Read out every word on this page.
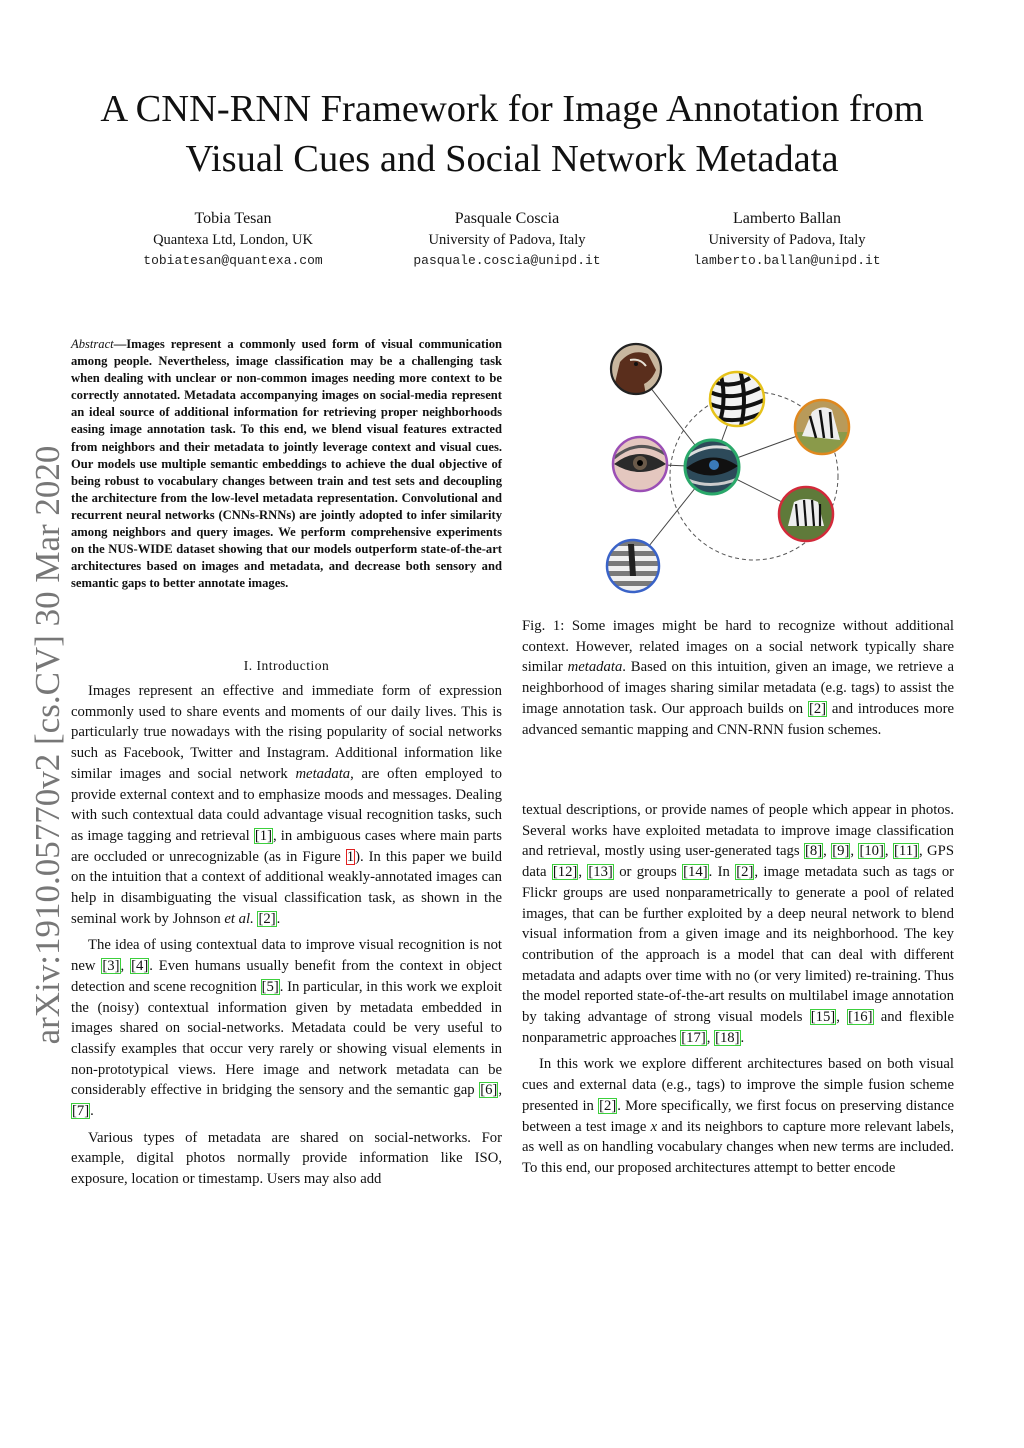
A CNN-RNN Framework for Image Annotation from Visual Cues and Social Network Metadata
Tobia Tesan
Quantexa Ltd, London, UK
tobiatesan@quantexa.com
Pasquale Coscia
University of Padova, Italy
pasquale.coscia@unipd.it
Lamberto Ballan
University of Padova, Italy
lamberto.ballan@unipd.it
arXiv:1910.05770v2 [cs.CV] 30 Mar 2020
Abstract—Images represent a commonly used form of visual communication among people. Nevertheless, image classification may be a challenging task when dealing with unclear or non-common images needing more context to be correctly annotated. Metadata accompanying images on social-media represent an ideal source of additional information for retrieving proper neighborhoods easing image annotation task. To this end, we blend visual features extracted from neighbors and their metadata to jointly leverage context and visual cues. Our models use multiple semantic embeddings to achieve the dual objective of being robust to vocabulary changes between train and test sets and decoupling the architecture from the low-level metadata representation. Convolutional and recurrent neural networks (CNNs-RNNs) are jointly adopted to infer similarity among neighbors and query images. We perform comprehensive experiments on the NUS-WIDE dataset showing that our models outperform state-of-the-art architectures based on images and metadata, and decrease both sensory and semantic gaps to better annotate images.
I. Introduction
Fig. 1: Some images might be hard to recognize without additional context. However, related images on a social network typically share similar metadata. Based on this intuition, given an image, we retrieve a neighborhood of images sharing similar metadata (e.g. tags) to assist the image annotation task. Our approach builds on [2] and introduces more advanced semantic mapping and CNN-RNN fusion schemes.

Images represent an effective and immediate form of expression commonly used to share events and moments of our daily lives. This is particularly true nowadays with the rising popularity of social networks such as Facebook, Twitter and Instagram. Additional information like similar images and social network metadata, are often employed to provide external context and to emphasize moods and messages. Dealing with such contextual data could advantage visual recognition tasks, such as image tagging and retrieval [1], in ambiguous cases where main parts are occluded or unrecognizable (as in Figure 1). In this paper we build on the intuition that a context of additional weakly-annotated images can help in disambiguating the visual classification task, as shown in the seminal work by Johnson et al. [2].

The idea of using contextual data to improve visual recognition is not new [3], [4]. Even humans usually benefit from the context in object detection and scene recognition [5]. In particular, in this work we exploit the (noisy) contextual information given by metadata embedded in images shared on social-networks. Metadata could be very useful to classify examples that occur very rarely or showing visual elements in non-prototypical views. Here image and network metadata can be considerably effective in bridging the sensory and the semantic gap [6], [7].

Various types of metadata are shared on social-networks. For example, digital photos normally provide information like ISO, exposure, location or timestamp. Users may also add

textual descriptions, or provide names of people which appear in photos. Several works have exploited metadata to improve image classification and retrieval, mostly using user-generated tags [8], [9], [10], [11], GPS data [12], [13] or groups [14]. In [2], image metadata such as tags or Flickr groups are used nonparametrically to generate a pool of related images, that can be further exploited by a deep neural network to blend visual information from a given image and its neighborhood. The key contribution of the approach is a model that can deal with different metadata and adapts over time with no (or very limited) re-training. Thus the model reported state-of-the-art results on multilabel image annotation by taking advantage of strong visual models [15], [16] and flexible nonparametric approaches [17], [18].

In this work we explore different architectures based on both visual cues and external data (e.g., tags) to improve the simple fusion scheme presented in [2]. More specifically, we first focus on preserving distance between a test image x and its neighbors to capture more relevant labels, as well as on handling vocabulary changes when new terms are included. To this end, our proposed architectures attempt to better encode
